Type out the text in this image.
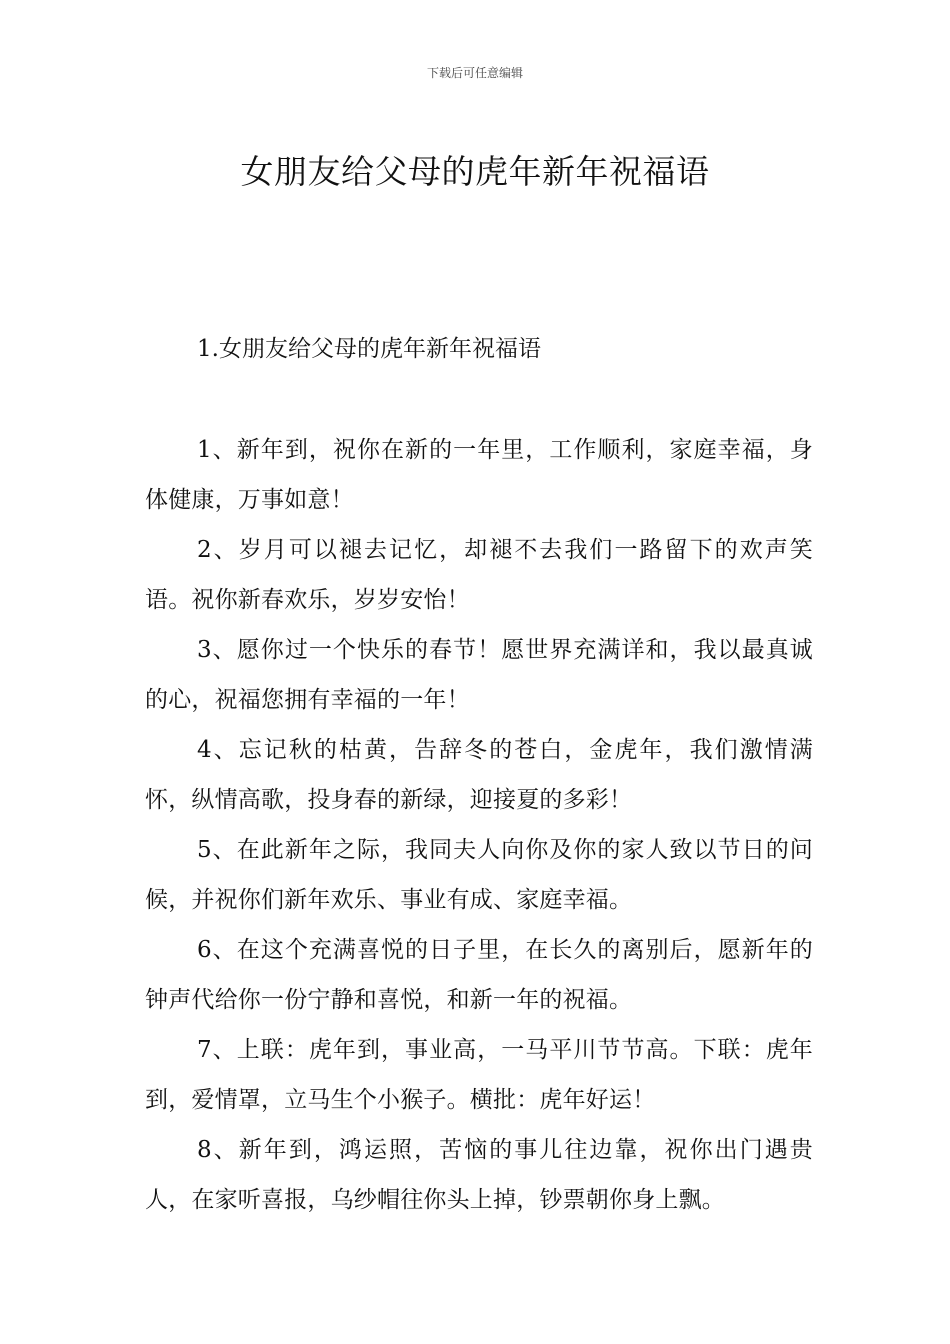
下载后可任意编辑
女朋友给父母的虎年新年祝福语
1.女朋友给父母的虎年新年祝福语

1、新年到，祝你在新的一年里，工作顺利，家庭幸福，身体健康，万事如意！

2、岁月可以褪去记忆，却褪不去我们一路留下的欢声笑语。祝你新春欢乐，岁岁安怡！

3、愿你过一个快乐的春节！愿世界充满详和，我以最真诚的心，祝福您拥有幸福的一年！

4、忘记秋的枯黄，告辞冬的苍白，金虎年，我们激情满怀，纵情高歌，投身春的新绿，迎接夏的多彩！

5、在此新年之际，我同夫人向你及你的家人致以节日的问候，并祝你们新年欢乐、事业有成、家庭幸福。

6、在这个充满喜悦的日子里，在长久的离别后，愿新年的钟声代给你一份宁静和喜悦，和新一年的祝福。

7、上联：虎年到，事业高，一马平川节节高。下联：虎年到，爱情罩，立马生个小猴子。横批：虎年好运！

8、新年到，鸿运照，苦恼的事儿往边靠，祝你出门遇贵人，在家听喜报，乌纱帽往你头上掉，钞票朝你身上飘。
